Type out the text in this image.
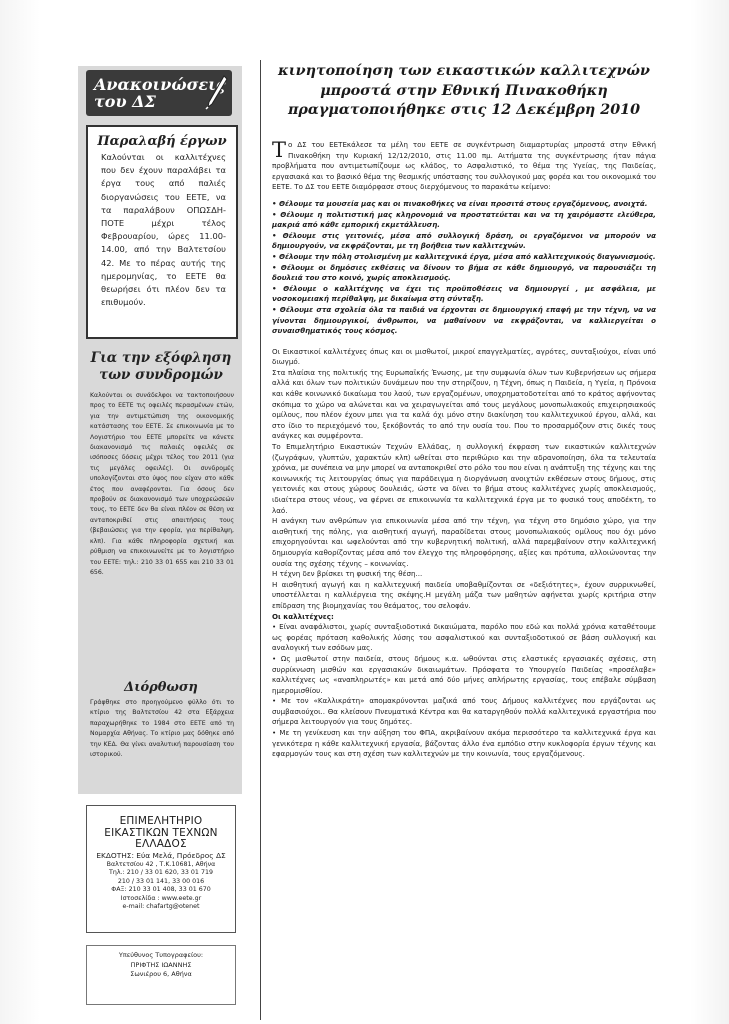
Ανακοινώσεις
του ΔΣ
Παραλαβή έργων
Καλούνται οι καλλιτέχνες που δεν έχουν παραλάβει τα έργα τους από παλιές διοργανώσεις του ΕΕΤΕ, να τα παραλάβουν ΟΠΩΣΔΗ-ΠΟΤΕ μέχρι τέλος Φεβρουαρίου, ώρες 11.00-14.00, από την Βαλτετσίου 42. Με το πέρας αυτής της ημερομηνίας, το ΕΕΤΕ θα θεωρήσει ότι πλέον δεν τα επιθυμούν.
Για την εξόφληση των συνδρομών
Καλούνται οι συνάδελφοι να τακτοποιήσουν προς το ΕΕΤΕ τις οφειλές περασμένων ετών, για την αντιμετώπιση της οικονομικής κατάστασης του ΕΕΤΕ. Σε επικοινωνία με το Λογιστήριο του ΕΕΤΕ μπορείτε να κάνετε διακανονισμό τις παλαιές οφειλές σε ισόποσες δόσεις μέχρι τέλος του 2011 (για τις μεγάλες οφειλές). Οι συνδρομές υπολογίζονται στο ύψος που είχαν στο κάθε έτος που αναφέρονται. Για όσους δεν προβούν σε διακανονισμό των υποχρεώσεών τους, το ΕΕΤΕ δεν θα είναι πλέον σε θέση να ανταποκριθεί στις απαιτήσεις τους (βεβαιώσεις για την εφορία, για περίθαλψη, κλπ). Για κάθε πληροφορία σχετική και ρύθμιση να επικοινωνείτε με το λογιστήριο του ΕΕΤΕ: τηλ.: 210 33 01 655 και 210 33 01 656.
Διόρθωση
Γράφθηκε στο προηγούμενο φύλλο ότι το κτίριο της Βαλτετσίου 42 στα Εξάρχεια παραχωρήθηκε το 1984 στο ΕΕΤΕ από τη Νομαρχία Αθήνας. Το κτίριο μας δόθηκε από την ΚΕΔ. Θα γίνει αναλυτική παρουσίαση του ιστορικού.
ΕΠΙΜΕΛΗΤΗΡΙΟ
ΕΙΚΑΣΤΙΚΩΝ ΤΕΧΝΩΝ
ΕΛΛΑΔΟΣ
ΕΚΔΟΤΗΣ: Εύα Μελά, Πρόεδρος ΔΣ
Βαλτετσίου 42 , Τ.Κ.10681, Αθήνα
Τηλ.: 210 / 33 01 620, 33 01 719
210 / 33 01 141, 33 00 016
ΦΑΞ: 210 33 01 408, 33 01 670
Ιστοσελίδα : www.eete.gr
e-mail: chafartg@otenet
Υπεύθυνος Τυπογραφείου:
ΠΡΙΦΤΗΣ ΙΩΑΝΝΗΣ
Σωνιέρου 6, Αθήνα
κινητοποίηση των εικαστικών καλλιτεχνών μπροστά στην Εθνική Πινακοθήκη πραγματοποιήθηκε στις 12 Δεκέμβρη 2010

Το ΔΣ του ΕΕΤΕκάλεσε τα μέλη του ΕΕΤΕ σε συγκέντρωση διαμαρτυρίας μπροστά στην Εθνική Πινακοθήκη την Κυριακή 12/12/2010, στις 11.00 πμ. Αιτήματα της συγκέντρωσης ήταν πάγια προβλήματα που αντιμετωπίζουμε ως κλάδος, το Ασφαλιστικό, το θέμα της Υγείας, της Παιδείας, εργασιακά και το βασικό θέμα της θεσμικής υπόστασης του συλλογικού μας φορέα και του οικονομικά του ΕΕΤΕ. Το ΔΣ του ΕΕΤΕ διαμόρφασε στους διερχόμενους το παρακάτω κείμενο:

• Θέλουμε τα μουσεία μας και οι πινακοθήκες να είναι προσιτά στους εργαζόμενους, ανοιχτά.

• Θέλουμε η πολιτιστική μας κληρονομιά να προστατεύεται και να τη χαιρόμαστε ελεύθερα, μακριά από κάθε εμπορική εκμετάλλευση.

• Θέλουμε στις γειτονιές, μέσα από συλλογική δράση, οι εργαζόμενοι να μπορούν να δημιουργούν, να εκφράζονται, με τη βοήθεια των καλλιτεχνών.

• Θέλουμε την πόλη στολισμένη με καλλιτεχνικά έργα, μέσα από καλλιτεχνικούς διαγωνισμούς.

• Θέλουμε οι δημόσιες εκθέσεις να δίνουν το βήμα σε κάθε δημιουργό, να παρουσιάζει τη δουλειά του στο κοινό, χωρίς αποκλεισμούς.

• Θέλουμε ο καλλιτέχνης να έχει τις προϋποθέσεις να δημιουργεί , με ασφάλεια, με νοσοκομειακή περίθαλψη, με δικαίωμα στη σύνταξη.

• Θέλουμε στα σχολεία όλα τα παιδιά να έρχονται σε δημιουργική επαφή με την τέχνη, να να γίνονται δημιουργικοί, άνθρωποι, να μαθαίνουν να εκφράζονται, να καλλιεργείται ο συναισθηματικός τους κόσμος.

Οι Εικαστικοί καλλιτέχνες όπως και οι μισθωτοί, μικροί επαγγελματίες, αγρότες, συνταξιούχοι, είναι υπό διωγμό.

Στα πλαίσια της πολιτικής της Ευρωπαϊκής Ένωσης, με την συμφωνία όλων των Κυβερνήσεων ως σήμερα αλλά και όλων των πολιτικών δυνάμεων που την στηρίζουν, η Τέχνη, όπως η Παιδεία, η Υγεία, η Πρόνοια και κάθε κοινωνικό δικαίωμα του λαού, των εργαζομένων, υποχρηματοδοτείται από το κράτος αφήνοντας σκόπιμα το χώρο να αλώνεται και να χειραγωγείται από τους μεγάλους μονοπωλιακούς επιχειρησιακούς ομίλους, που πλέον έχουν μπει για τα καλά όχι μόνο στην διακίνηση του καλλιτεχνικού έργου, αλλά, και στο ίδιο το περιεχόμενό του, ξεκόβοντάς το από την ουσία του. Που το προσαρμόζουν στις δικές τους ανάγκες και συμφέροντα.

Το Επιμελητήριο Εικαστικών Τεχνών Ελλάδας, η συλλογική έκφραση των εικαστικών καλλιτεχνών (ζωγράφων, γλυπτών, χαρακτών κλπ) ωθείται στο περιθώριο και την αδρανοποίηση, όλα τα τελευταία χρόνια, με συνέπεια να μην μπορεί να ανταποκριθεί στο ρόλο του που είναι η ανάπτυξη της τέχνης και της κοινωνικής τις λειτουργίας όπως για παράδειγμα η διοργάνωση ανοιχτών εκθέσεων στους δήμους, στις γειτονιές και στους χώρους δουλειάς, ώστε να δίνει το βήμα στους καλλιτέχνες χωρίς αποκλεισμούς, ιδιαίτερα στους νέους, να φέρνει σε επικοινωνία τα καλλιτεχνικά έργα με το φυσικό τους αποδέκτη, το λαό.

Η ανάγκη των ανθρώπων για επικοινωνία μέσα από την τέχνη, για τέχνη στο δημόσιο χώρο, για την αισθητική της πόλης, για αισθητική αγωγή, παραδίδεται στους μονοπωλιακούς ομίλους που όχι μόνο επιχορηγούνται και ωφελούνται από την κυβερνητική πολιτική, αλλά παρεμβαίνουν στην καλλιτεχνική δημιουργία καθορίζοντας μέσα από τον έλεγχο της πληροφόρησης, αξίες και πρότυπα, αλλοιώνοντας την ουσία της σχέσης τέχνης – κοινωνίας.

Η τέχνη δεν βρίσκει τη φυσική της θέση...

Η αισθητική αγωγή και η καλλιτεχνική παιδεία υποβαθμίζονται σε «δεξιότητες», έχουν συρρικνωθεί, υποστέλλεται η καλλιέργεια της σκέψης.Η μεγάλη μάζα των μαθητών αφήνεται χωρίς κριτήρια στην επίδραση της βιομηχανίας του θεάματος, του σελοφάν.

Οι καλλιτέχνες:

• Είναι αναφάλιστοι, χωρίς συνταξιοδοτικά δικαιώματα, παρόλο που εδώ και πολλά χρόνια καταθέτουμε ως φορέας πρόταση καθολικής λύσης του ασφαλιστικού και συνταξιοδοτικού σε βάση συλλογική και αναλογική των εσόδων μας.

• Ως μισθωτοί στην παιδεία, στους δήμους κ.α. ωθούνται στις ελαστικές εργασιακές σχέσεις, στη συρρίκνωση μισθών και εργασιακών δικαιωμάτων. Πρόσφατα το Υπουργείο Παιδείας «προσέλαβε» καλλιτέχνες ως «αναπληρωτές» και μετά από δύο μήνες απλήρωτης εργασίας, τους επέβαλε σύμβαση ημερομισθίου.

• Με τον «Καλλικράτη» απομακρύνονται μαζικά από τους Δήμους καλλιτέχνες που εργάζονται ως συμβασιούχοι.. Θα κλείσουν Πνευματικά Κέντρα και θα καταργηθούν πολλά καλλιτεχνικά εργαστήρια που σήμερα λειτουργούν για τους δημότες.

• Με τη γενίκευση και την αύξηση του ΦΠΑ, ακριβαίνουν ακόμα περισσότερο τα καλλιτεχνικά έργα και γενικότερα η κάθε καλλιτεχνική εργασία, βάζοντας άλλο ένα εμπόδιο στην κυκλοφορία έργων τέχνης και εφαρμογών τους και στη σχέση των καλλιτεχνών με την κοινωνία, τους εργαζόμενους.
